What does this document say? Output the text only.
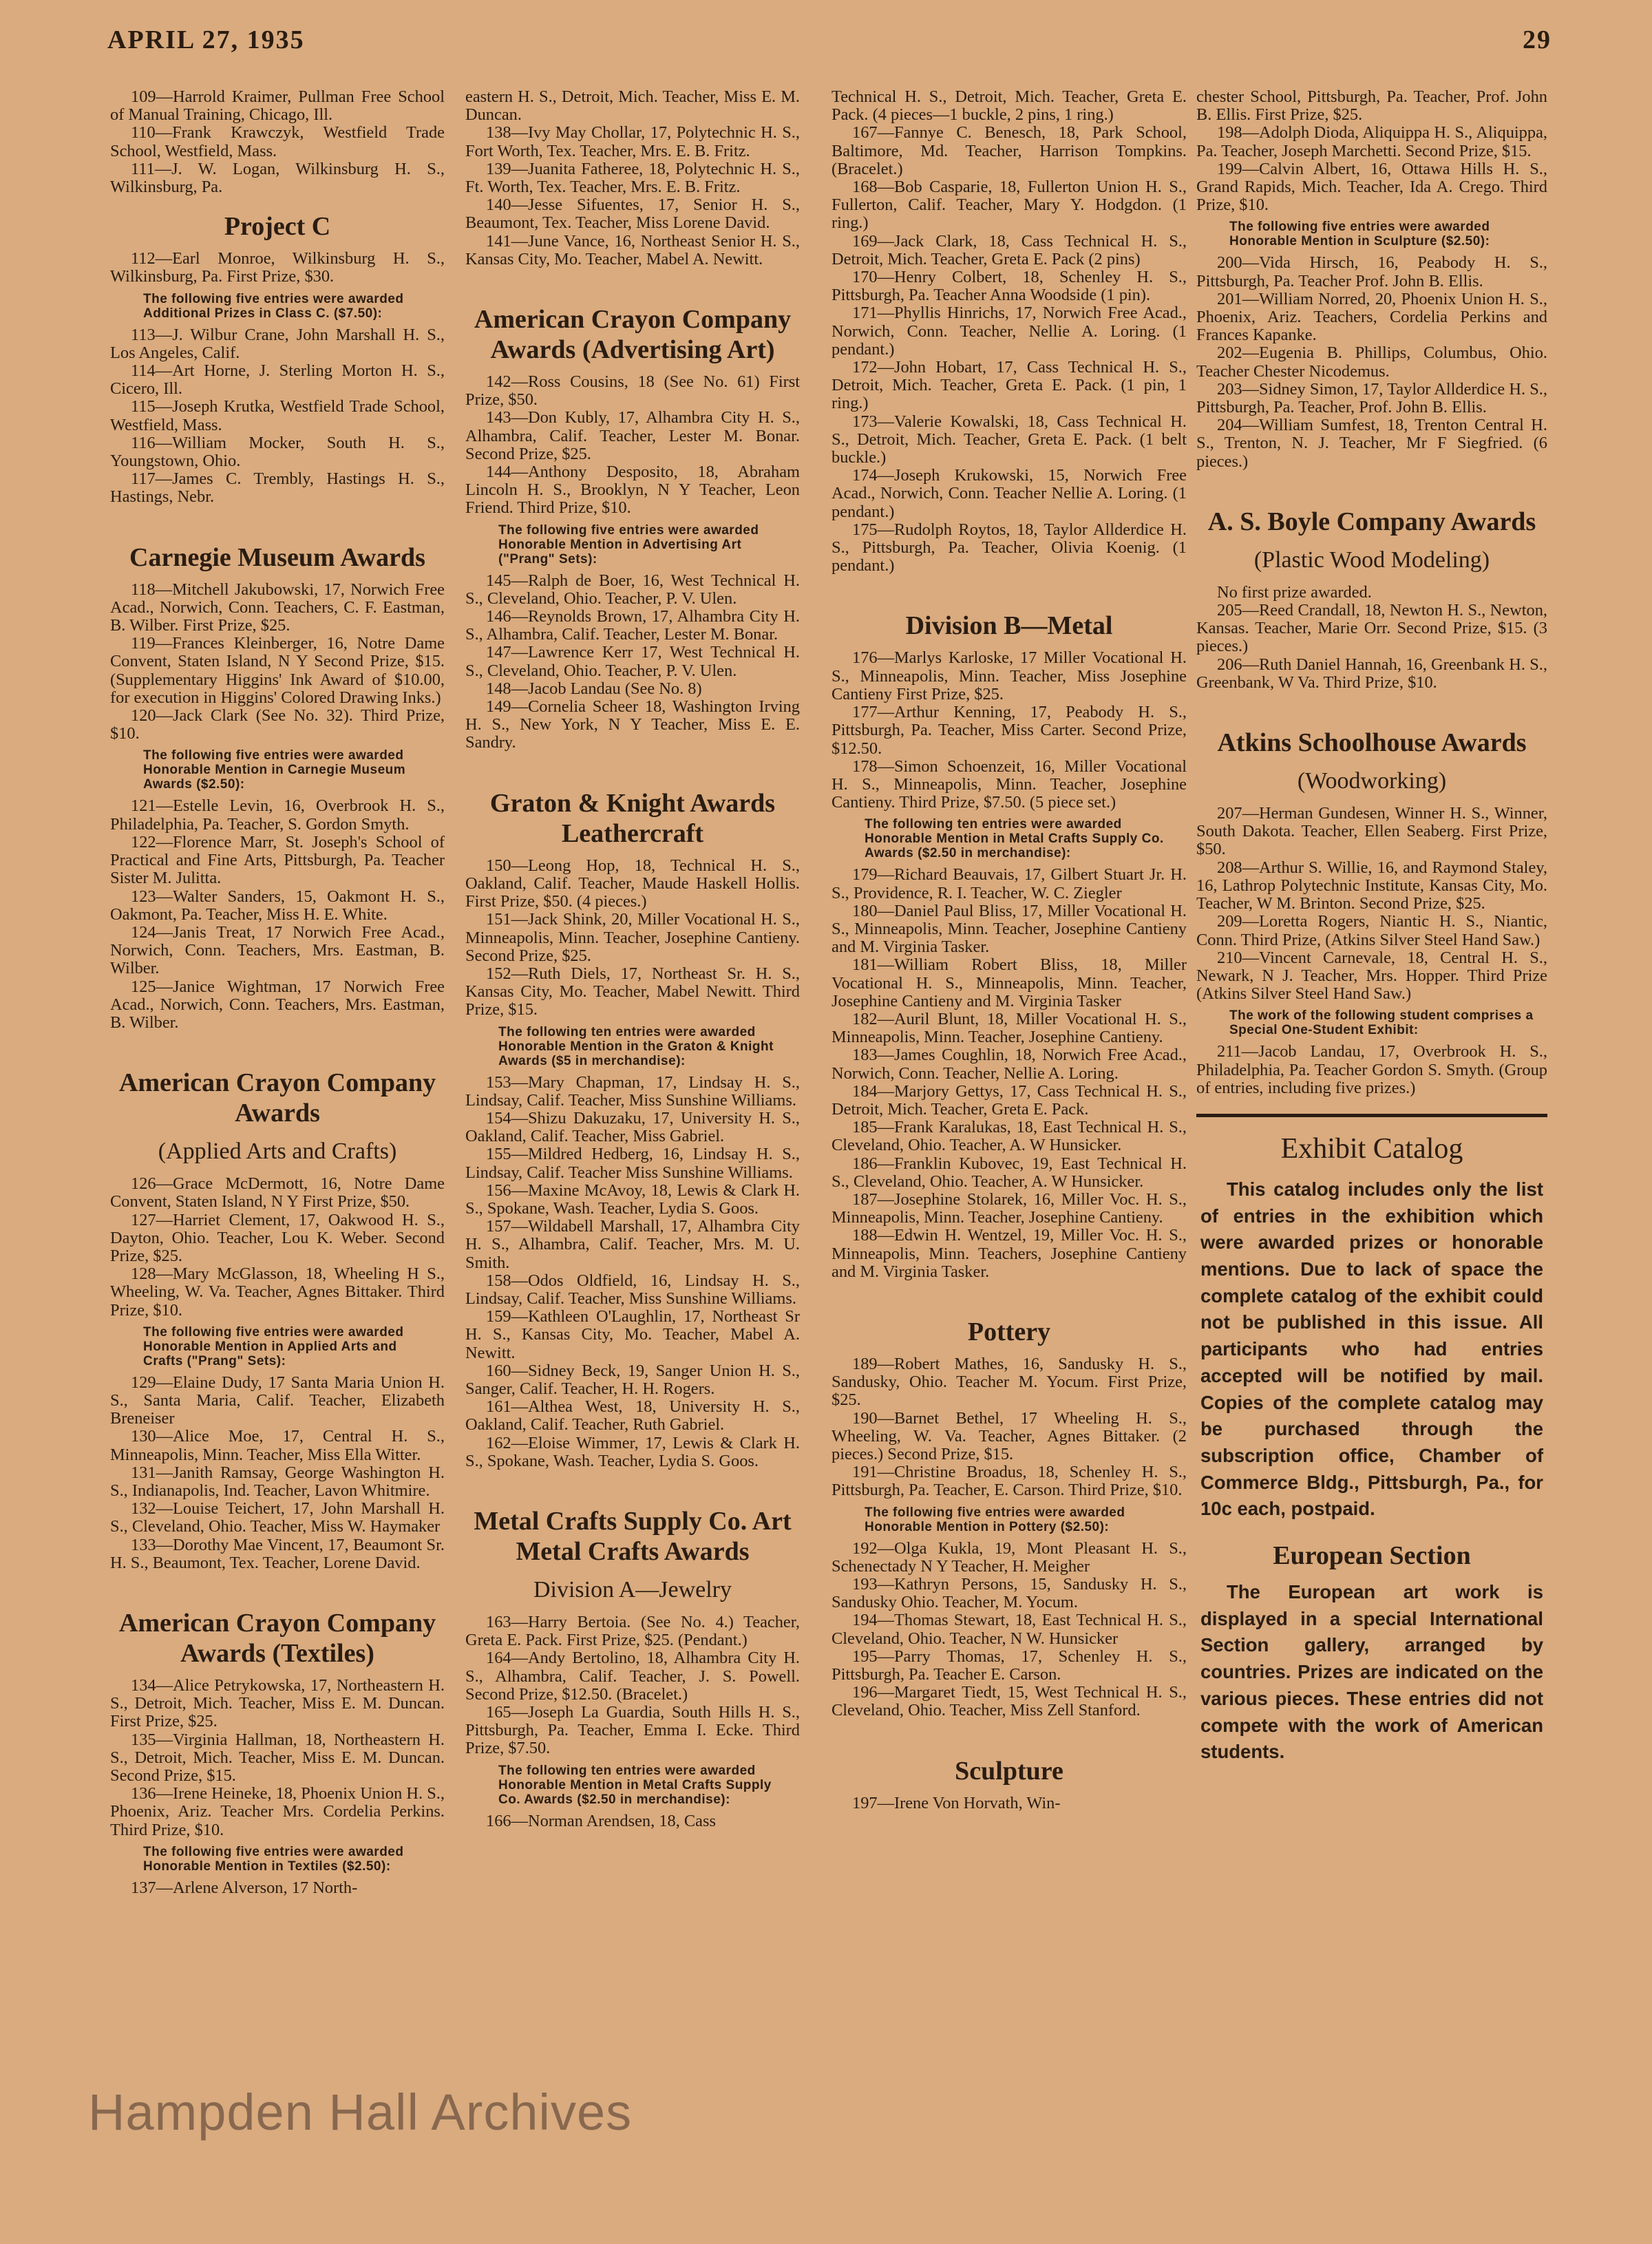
APRIL 27, 1935	29

109—Harrold Kraimer, Pullman Free School of Manual Training, Chicago, Ill.

110—Frank Krawczyk, Westfield Trade School, Westfield, Mass.

111—J. W. Logan, Wilkinsburg H. S., Wilkinsburg, Pa.

Project C

112—Earl Monroe, Wilkinsburg H. S., Wilkinsburg, Pa. First Prize, $30.

The following five entries were awarded Additional Prizes in Class C. ($7.50):

113—J. Wilbur Crane, John Marshall H. S., Los Angeles, Calif.

114—Art Horne, J. Sterling Morton H. S., Cicero, Ill.

115—Joseph Krutka, Westfield Trade School, Westfield, Mass.

116—William Mocker, South H. S., Youngstown, Ohio.

117—James C. Trembly, Hastings H. S., Hastings, Nebr.

Carnegie Museum Awards

118—Mitchell Jakubowski, 17, Norwich Free Acad., Norwich, Conn. Teachers, C. F. Eastman, B. Wilber. First Prize, $25.

119—Frances Kleinberger, 16, Notre Dame Convent, Staten Island, N Y Second Prize, $15. (Supplementary Higgins' Ink Award of $10.00, for execution in Higgins' Colored Drawing Inks.)

120—Jack Clark (See No. 32). Third Prize, $10.

The following five entries were awarded Honorable Mention in Carnegie Museum Awards ($2.50):

121—Estelle Levin, 16, Overbrook H. S., Philadelphia, Pa. Teacher, S. Gordon Smyth.

122—Florence Marr, St. Joseph's School of Practical and Fine Arts, Pittsburgh, Pa. Teacher Sister M. Julitta.

123—Walter Sanders, 15, Oakmont H. S., Oakmont, Pa. Teacher, Miss H. E. White.

124—Janis Treat, 17 Norwich Free Acad., Norwich, Conn. Teachers, Mrs. Eastman, B. Wilber.

125—Janice Wightman, 17 Norwich Free Acad., Norwich, Conn. Teachers, Mrs. Eastman, B. Wilber.

American Crayon Company Awards
(Applied Arts and Crafts)

126—Grace McDermott, 16, Notre Dame Convent, Staten Island, N Y First Prize, $50.

127—Harriet Clement, 17, Oakwood H. S., Dayton, Ohio. Teacher, Lou K. Weber. Second Prize, $25.

128—Mary McGlasson, 18, Wheeling H S., Wheeling, W. Va. Teacher, Agnes Bittaker. Third Prize, $10.

The following five entries were awarded Honorable Mention in Applied Arts and Crafts ("Prang" Sets):

129—Elaine Dudy, 17 Santa Maria Union H. S., Santa Maria, Calif. Teacher, Elizabeth Breneiser

130—Alice Moe, 17, Central H. S., Minneapolis, Minn. Teacher, Miss Ella Witter.

131—Janith Ramsay, George Washington H. S., Indianapolis, Ind. Teacher, Lavon Whitmire.

132—Louise Teichert, 17, John Marshall H. S., Cleveland, Ohio. Teacher, Miss W. Haymaker

133—Dorothy Mae Vincent, 17, Beaumont Sr. H. S., Beaumont, Tex. Teacher, Lorene David.

American Crayon Company Awards (Textiles)

134—Alice Petrykowska, 17, Northeastern H. S., Detroit, Mich. Teacher, Miss E. M. Duncan. First Prize, $25.

135—Virginia Hallman, 18, Northeastern H. S., Detroit, Mich. Teacher, Miss E. M. Duncan. Second Prize, $15.

136—Irene Heineke, 18, Phoenix Union H. S., Phoenix, Ariz. Teacher Mrs. Cordelia Perkins. Third Prize, $10.

The following five entries were awarded Honorable Mention in Textiles ($2.50):

137—Arlene Alverson, 17 North-

eastern H. S., Detroit, Mich. Teacher, Miss E. M. Duncan.

138—Ivy May Chollar, 17, Polytechnic H. S., Fort Worth, Tex. Teacher, Mrs. E. B. Fritz.

139—Juanita Fatheree, 18, Polytechnic H. S., Ft. Worth, Tex. Teacher, Mrs. E. B. Fritz.

140—Jesse Sifuentes, 17, Senior H. S., Beaumont, Tex. Teacher, Miss Lorene David.

141—June Vance, 16, Northeast Senior H. S., Kansas City, Mo. Teacher, Mabel A. Newitt.

American Crayon Company Awards (Advertising Art)

142—Ross Cousins, 18 (See No. 61) First Prize, $50.

143—Don Kubly, 17, Alhambra City H. S., Alhambra, Calif. Teacher, Lester M. Bonar. Second Prize, $25.

144—Anthony Desposito, 18, Abraham Lincoln H. S., Brooklyn, N Y Teacher, Leon Friend. Third Prize, $10.

The following five entries were awarded Honorable Mention in Advertising Art ("Prang" Sets):

145—Ralph de Boer, 16, West Technical H. S., Cleveland, Ohio. Teacher, P. V. Ulen.

146—Reynolds Brown, 17, Alhambra City H. S., Alhambra, Calif. Teacher, Lester M. Bonar.

147—Lawrence Kerr 17, West Technical H. S., Cleveland, Ohio. Teacher, P. V. Ulen.

148—Jacob Landau (See No. 8)

149—Cornelia Scheer 18, Washington Irving H. S., New York, N Y Teacher, Miss E. E. Sandry.

Graton & Knight Awards Leathercraft

150—Leong Hop, 18, Technical H. S., Oakland, Calif. Teacher, Maude Haskell Hollis. First Prize, $50. (4 pieces.)

151—Jack Shink, 20, Miller Vocational H. S., Minneapolis, Minn. Teacher, Josephine Cantieny. Second Prize, $25.

152—Ruth Diels, 17, Northeast Sr. H. S., Kansas City, Mo. Teacher, Mabel Newitt. Third Prize, $15.

The following ten entries were awarded Honorable Mention in the Graton & Knight Awards ($5 in merchandise):

153—Mary Chapman, 17, Lindsay H. S., Lindsay, Calif. Teacher, Miss Sunshine Williams.

154—Shizu Dakuzaku, 17, University H. S., Oakland, Calif. Teacher, Miss Gabriel.

155—Mildred Hedberg, 16, Lindsay H. S., Lindsay, Calif. Teacher Miss Sunshine Williams.

156—Maxine McAvoy, 18, Lewis & Clark H. S., Spokane, Wash. Teacher, Lydia S. Goos.

157—Wildabell Marshall, 17, Alhambra City H. S., Alhambra, Calif. Teacher, Mrs. M. U. Smith.

158—Odos Oldfield, 16, Lindsay H. S., Lindsay, Calif. Teacher, Miss Sunshine Williams.

159—Kathleen O'Laughlin, 17, Northeast Sr H. S., Kansas City, Mo. Teacher, Mabel A. Newitt.

160—Sidney Beck, 19, Sanger Union H. S., Sanger, Calif. Teacher, H. H. Rogers.

161—Althea West, 18, University H. S., Oakland, Calif. Teacher, Ruth Gabriel.

162—Eloise Wimmer, 17, Lewis & Clark H. S., Spokane, Wash. Teacher, Lydia S. Goos.

Metal Crafts Supply Co. Art Metal Crafts Awards
Division A—Jewelry

163—Harry Bertoia. (See No. 4.) Teacher, Greta E. Pack. First Prize, $25. (Pendant.)

164—Andy Bertolino, 18, Alhambra City H. S., Alhambra, Calif. Teacher, J. S. Powell. Second Prize, $12.50. (Bracelet.)

165—Joseph La Guardia, South Hills H. S., Pittsburgh, Pa. Teacher, Emma I. Ecke. Third Prize, $7.50.

The following ten entries were awarded Honorable Mention in Metal Crafts Supply Co. Awards ($2.50 in merchandise):

166—Norman Arendsen, 18, Cass

Technical H. S., Detroit, Mich. Teacher, Greta E. Pack. (4 pieces—1 buckle, 2 pins, 1 ring.)

167—Fannye C. Benesch, 18, Park School, Baltimore, Md. Teacher, Harrison Tompkins. (Bracelet.)

168—Bob Casparie, 18, Fullerton Union H. S., Fullerton, Calif. Teacher, Mary Y. Hodgdon. (1 ring.)

169—Jack Clark, 18, Cass Technical H. S., Detroit, Mich. Teacher, Greta E. Pack (2 pins)

170—Henry Colbert, 18, Schenley H. S., Pittsburgh, Pa. Teacher Anna Woodside (1 pin).

171—Phyllis Hinrichs, 17, Norwich Free Acad., Norwich, Conn. Teacher, Nellie A. Loring. (1 pendant.)

172—John Hobart, 17, Cass Technical H. S., Detroit, Mich. Teacher, Greta E. Pack. (1 pin, 1 ring.)

173—Valerie Kowalski, 18, Cass Technical H. S., Detroit, Mich. Teacher, Greta E. Pack. (1 belt buckle.)

174—Joseph Krukowski, 15, Norwich Free Acad., Norwich, Conn. Teacher Nellie A. Loring. (1 pendant.)

175—Rudolph Roytos, 18, Taylor Allderdice H. S., Pittsburgh, Pa. Teacher, Olivia Koenig. (1 pendant.)

Division B—Metal

176—Marlys Karloske, 17 Miller Vocational H. S., Minneapolis, Minn. Teacher, Miss Josephine Cantieny First Prize, $25.

177—Arthur Kenning, 17, Peabody H. S., Pittsburgh, Pa. Teacher, Miss Carter. Second Prize, $12.50.

178—Simon Schoenzeit, 16, Miller Vocational H. S., Minneapolis, Minn. Teacher, Josephine Cantieny. Third Prize, $7.50. (5 piece set.)

The following ten entries were awarded Honorable Mention in Metal Crafts Supply Co. Awards ($2.50 in merchandise):

179—Richard Beauvais, 17, Gilbert Stuart Jr. H. S., Providence, R. I. Teacher, W. C. Ziegler

180—Daniel Paul Bliss, 17, Miller Vocational H. S., Minneapolis, Minn. Teacher, Josephine Cantieny and M. Virginia Tasker.

181—William Robert Bliss, 18, Miller Vocational H. S., Minneapolis, Minn. Teacher, Josephine Cantieny and M. Virginia Tasker

182—Auril Blunt, 18, Miller Vocational H. S., Minneapolis, Minn. Teacher, Josephine Cantieny.

183—James Coughlin, 18, Norwich Free Acad., Norwich, Conn. Teacher, Nellie A. Loring.

184—Marjory Gettys, 17, Cass Technical H. S., Detroit, Mich. Teacher, Greta E. Pack.

185—Frank Karalukas, 18, East Technical H. S., Cleveland, Ohio. Teacher, A. W Hunsicker.

186—Franklin Kubovec, 19, East Technical H. S., Cleveland, Ohio. Teacher, A. W Hunsicker.

187—Josephine Stolarek, 16, Miller Voc. H. S., Minneapolis, Minn. Teacher, Josephine Cantieny.

188—Edwin H. Wentzel, 19, Miller Voc. H. S., Minneapolis, Minn. Teachers, Josephine Cantieny and M. Virginia Tasker.

Pottery

189—Robert Mathes, 16, Sandusky H. S., Sandusky, Ohio. Teacher M. Yocum. First Prize, $25.

190—Barnet Bethel, 17 Wheeling H. S., Wheeling, W. Va. Teacher, Agnes Bittaker. (2 pieces.) Second Prize, $15.

191—Christine Broadus, 18, Schenley H. S., Pittsburgh, Pa. Teacher, E. Carson. Third Prize, $10.

The following five entries were awarded Honorable Mention in Pottery ($2.50):

192—Olga Kukla, 19, Mont Pleasant H. S., Schenectady N Y Teacher, H. Meigher

193—Kathryn Persons, 15, Sandusky H. S., Sandusky Ohio. Teacher, M. Yocum.

194—Thomas Stewart, 18, East Technical H. S., Cleveland, Ohio. Teacher, N W. Hunsicker

195—Parry Thomas, 17, Schenley H. S., Pittsburgh, Pa. Teacher E. Carson.

196—Margaret Tiedt, 15, West Technical H. S., Cleveland, Ohio. Teacher, Miss Zell Stanford.

Sculpture

197—Irene Von Horvath, Win-

chester School, Pittsburgh, Pa. Teacher, Prof. John B. Ellis. First Prize, $25.

198—Adolph Dioda, Aliquippa H. S., Aliquippa, Pa. Teacher, Joseph Marchetti. Second Prize, $15.

199—Calvin Albert, 16, Ottawa Hills H. S., Grand Rapids, Mich. Teacher, Ida A. Crego. Third Prize, $10.

The following five entries were awarded Honorable Mention in Sculpture ($2.50):

200—Vida Hirsch, 16, Peabody H. S., Pittsburgh, Pa. Teacher Prof. John B. Ellis.

201—William Norred, 20, Phoenix Union H. S., Phoenix, Ariz. Teachers, Cordelia Perkins and Frances Kapanke.

202—Eugenia B. Phillips, Columbus, Ohio. Teacher Chester Nicodemus.

203—Sidney Simon, 17, Taylor Allderdice H. S., Pittsburgh, Pa. Teacher, Prof. John B. Ellis.

204—William Sumfest, 18, Trenton Central H. S., Trenton, N. J. Teacher, Mr F Siegfried. (6 pieces.)

A. S. Boyle Company Awards
(Plastic Wood Modeling)

No first prize awarded.

205—Reed Crandall, 18, Newton H. S., Newton, Kansas. Teacher, Marie Orr. Second Prize, $15. (3 pieces.)

206—Ruth Daniel Hannah, 16, Greenbank H. S., Greenbank, W Va. Third Prize, $10.

Atkins Schoolhouse Awards
(Woodworking)

207—Herman Gundesen, Winner H. S., Winner, South Dakota. Teacher, Ellen Seaberg. First Prize, $50.

208—Arthur S. Willie, 16, and Raymond Staley, 16, Lathrop Polytechnic Institute, Kansas City, Mo. Teacher, W M. Brinton. Second Prize, $25.

209—Loretta Rogers, Niantic H. S., Niantic, Conn. Third Prize, (Atkins Silver Steel Hand Saw.)

210—Vincent Carnevale, 18, Central H. S., Newark, N J. Teacher, Mrs. Hopper. Third Prize (Atkins Silver Steel Hand Saw.)

The work of the following student comprises a Special One-Student Exhibit:

211—Jacob Landau, 17, Overbrook H. S., Philadelphia, Pa. Teacher Gordon S. Smyth. (Group of entries, including five prizes.)

Exhibit Catalog

This catalog includes only the list of entries in the exhibition which were awarded prizes or honorable mentions. Due to lack of space the complete catalog of the exhibit could not be published in this issue. All participants who had entries accepted will be notified by mail. Copies of the complete catalog may be purchased through the subscription office, Chamber of Commerce Bldg., Pittsburgh, Pa., for 10c each, postpaid.

European Section

The European art work is displayed in a special International Section gallery, arranged by countries. Prizes are indicated on the various pieces. These entries did not compete with the work of American students.

Hampden Hall Archives
